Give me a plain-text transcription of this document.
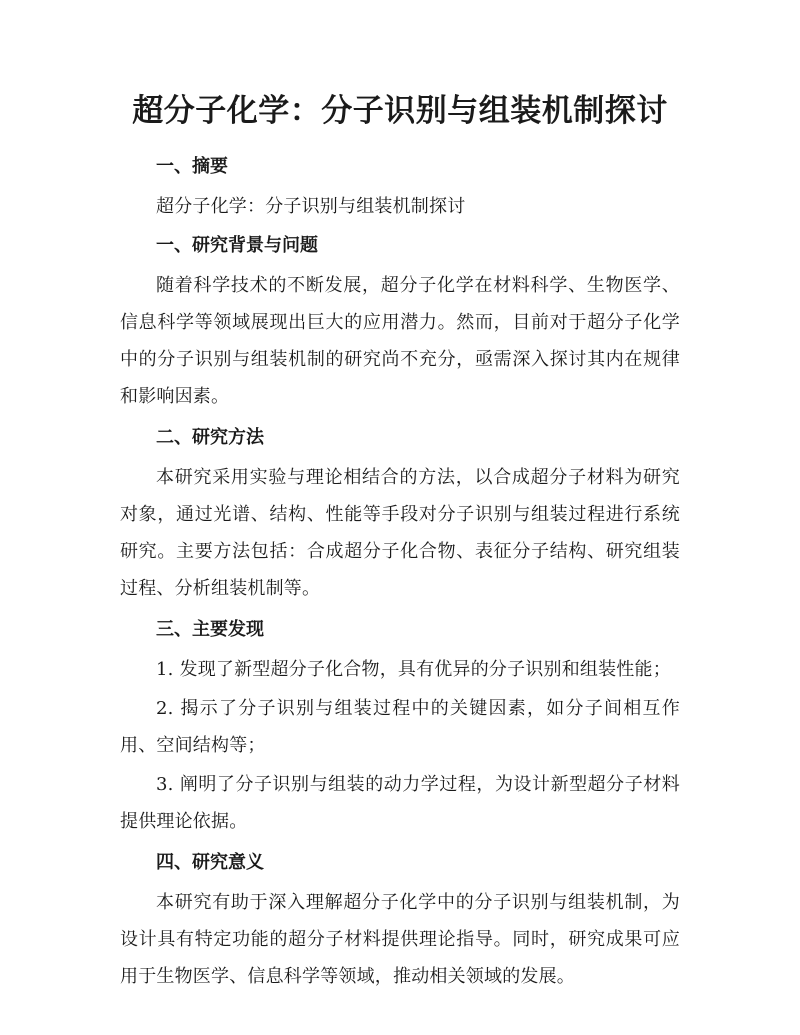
超分子化学：分子识别与组装机制探讨

一、摘要

超分子化学：分子识别与组装机制探讨

一、研究背景与问题

随着科学技术的不断发展，超分子化学在材料科学、生物医学、信息科学等领域展现出巨大的应用潜力。然而，目前对于超分子化学中的分子识别与组装机制的研究尚不充分，亟需深入探讨其内在规律和影响因素。

二、研究方法

本研究采用实验与理论相结合的方法，以合成超分子材料为研究对象，通过光谱、结构、性能等手段对分子识别与组装过程进行系统研究。主要方法包括：合成超分子化合物、表征分子结构、研究组装过程、分析组装机制等。

三、主要发现

1. 发现了新型超分子化合物，具有优异的分子识别和组装性能；

2. 揭示了分子识别与组装过程中的关键因素，如分子间相互作用、空间结构等；

3. 阐明了分子识别与组装的动力学过程，为设计新型超分子材料提供理论依据。

四、研究意义

本研究有助于深入理解超分子化学中的分子识别与组装机制，为设计具有特定功能的超分子材料提供理论指导。同时，研究成果可应用于生物医学、信息科学等领域，推动相关领域的发展。
